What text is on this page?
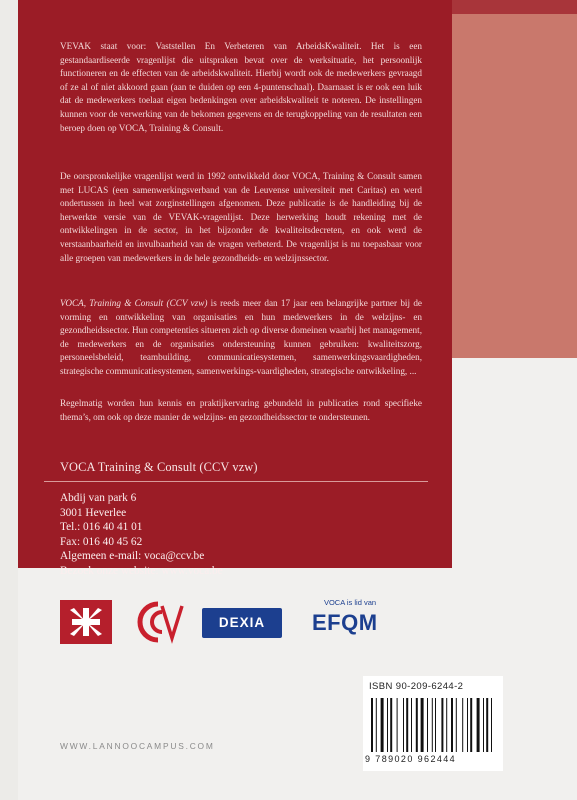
VEVAK staat voor: Vaststellen En Verbeteren van ArbeidsKwaliteit. Het is een gestandaardiseerde vragenlijst die uitspraken bevat over de werksituatie, het persoonlijk functioneren en de effecten van de arbeidskwaliteit. Hierbij wordt ook de medewerkers gevraagd of ze al of niet akkoord gaan (aan te duiden op een 4-puntenschaal). Daarnaast is er ook een luik dat de medewerkers toelaat eigen bedenkingen over arbeidskwaliteit te noteren. De instellingen kunnen voor de verwerking van de bekomen gegevens en de terugkoppeling van de resultaten een beroep doen op VOCA, Training & Consult.

De oorspronkelijke vragenlijst werd in 1992 ontwikkeld door VOCA, Training & Consult samen met LUCAS (een samenwerkingsverband van de Leuvense universiteit met Caritas) en werd ondertussen in heel wat zorginstellingen afgenomen. Deze publicatie is de handleiding bij de herwerkte versie van de VEVAK-vragenlijst. Deze herwerking houdt rekening met de ontwikkelingen in de sector, in het bijzonder de kwaliteitsdecreten, en ook werd de verstaanbaarheid en invulbaarheid van de vragen verbeterd. De vragenlijst is nu toepasbaar voor alle groepen van medewerkers in de hele gezondheids- en welzijnssector.

VOCA, Training & Consult (CCV vzw) is reeds meer dan 17 jaar een belangrijke partner bij de vorming en ontwikkeling van organisaties en hun medewerkers in de welzijns- en gezondheidssector. Hun competenties situeren zich op diverse domeinen waarbij het management, de medewerkers en de organisaties ondersteuning kunnen gebruiken: kwaliteitszorg, personeelsbeleid, teambuilding, communicatiesystemen, samenwerkingsvaardigheden, strategische communicatiesystemen, samenwerkings-vaardigheden, strategische ontwikkeling, ...

Regelmatig worden hun kennis en praktijkervaring gebundeld in publicaties rond specifieke thema’s, om ook op deze manier de welzijns- en gezondheidssector te ondersteunen.

VOCA Training & Consult (CCV vzw)

Abdij van park 6
3001 Heverlee
Tel.: 016 40 41 01
Fax: 016 40 45 62
Algemeen e-mail: voca@ccv.be
Bezoek onze website: www.voca.be
DEXIA
VOCA is lid van
EFQM

ISBN 90-209-6244-2

9 789020 962444

WWW.LANNOOCAMPUS.COM
